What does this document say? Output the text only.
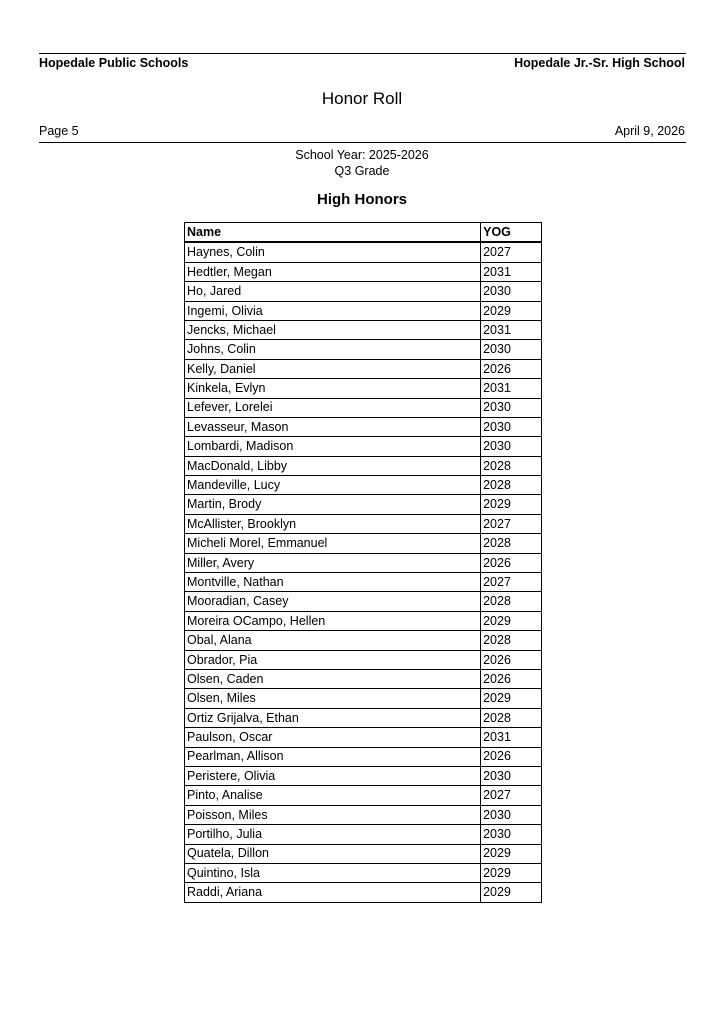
Hopedale Public Schools	Hopedale Jr.-Sr. High School
Honor Roll
Page 5	April 9, 2026
School Year: 2025-2026
Q3 Grade
High Honors
Name	YOG
Haynes, Colin	2027
Hedtler, Megan	2031
Ho, Jared	2030
Ingemi, Olivia	2029
Jencks, Michael	2031
Johns, Colin	2030
Kelly, Daniel	2026
Kinkela, Evlyn	2031
Lefever, Lorelei	2030
Levasseur, Mason	2030
Lombardi, Madison	2030
MacDonald, Libby	2028
Mandeville, Lucy	2028
Martin, Brody	2029
McAllister, Brooklyn	2027
Micheli Morel, Emmanuel	2028
Miller, Avery	2026
Montville, Nathan	2027
Mooradian, Casey	2028
Moreira OCampo, Hellen	2029
Obal, Alana	2028
Obrador, Pia	2026
Olsen, Caden	2026
Olsen, Miles	2029
Ortiz Grijalva, Ethan	2028
Paulson, Oscar	2031
Pearlman, Allison	2026
Peristere, Olivia	2030
Pinto, Analise	2027
Poisson, Miles	2030
Portilho, Julia	2030
Quatela, Dillon	2029
Quintino, Isla	2029
Raddi, Ariana	2029
